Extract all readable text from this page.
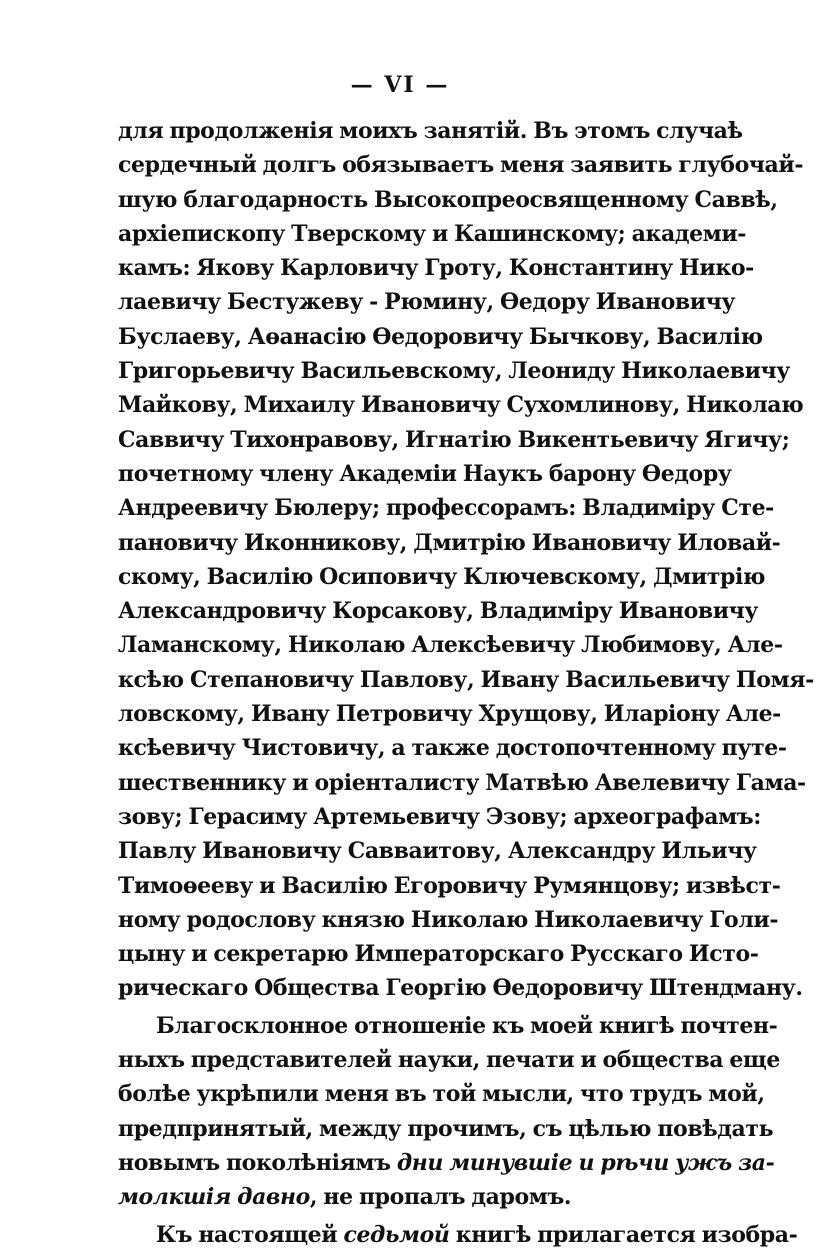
— VI —
для продолженія моихъ занятій. Въ этомъ случаѣ
сердечный долгъ обязываетъ меня заявить глубочай-
шую благодарность Высокопреосвященному Саввѣ,
архіепископу Тверскому и Кашинскому; академи-
камъ: Якову Карловичу Гроту, Константину Нико-
лаевичу Бестужеву - Рюмину, Өедору Ивановичу
Буслаеву, Аөанасію Өедоровичу Бычкову, Василію
Григорьевичу Васильевскому, Леониду Николаевичу
Майкову, Михаилу Ивановичу Сухомлинову, Николаю
Саввичу Тихонравову, Игнатію Викентьевичу Ягичу;
почетному члену Академіи Наукъ барону Өедору
Андреевичу Бюлеру; профессорамъ: Владиміру Сте-
пановичу Иконникову, Дмитрію Ивановичу Иловай-
скому, Василію Осиповичу Ключевскому, Дмитрію
Александровичу Корсакову, Владиміру Ивановичу
Ламанскому, Николаю Алексѣевичу Любимову, Але-
ксѣю Степановичу Павлову, Ивану Васильевичу Помя-
ловскому, Ивану Петровичу Хрущову, Иларіону Але-
ксѣевичу Чистовичу, а также достопочтенному путе-
шественнику и оріенталисту Матвѣю Авелевичу Гама-
зову; Герасиму Артемьевичу Эзову; археографамъ:
Павлу Ивановичу Савваитову, Александру Ильичу
Тимоөееву и Василію Егоровичу Румянцову; извѣст-
ному родослову князю Николаю Николаевичу Голи-
цыну и секретарю Императорскаго Русскаго Исто-
рическаго Общества Георгію Өедоровичу Штендману.
Благосклонное отношеніе къ моей книгѣ почтен-
ныхъ представителей науки, печати и общества еще
болѣе укрѣпили меня въ той мысли, что трудъ мой,
предпринятый, между прочимъ, съ цѣлью повѣдать
новымъ поколѣніямъ дни минувшіе и рѣчи ужъ за-
молкшія давно, не пропалъ даромъ.
Къ настоящей седьмой книгѣ прилагается изобра-
